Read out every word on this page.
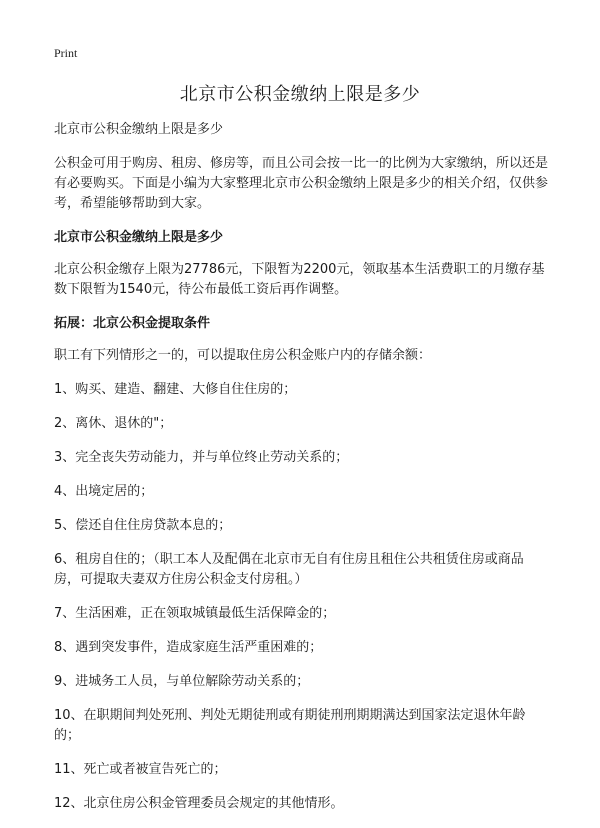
Print
北京市公积金缴纳上限是多少

北京市公积金缴纳上限是多少

公积金可用于购房、租房、修房等，而且公司会按一比一的比例为大家缴纳，所以还是有必要购买。下面是小编为大家整理北京市公积金缴纳上限是多少的相关介绍，仅供参考，希望能够帮助到大家。

北京市公积金缴纳上限是多少

北京公积金缴存上限为27786元，下限暂为2200元，领取基本生活费职工的月缴存基数下限暂为1540元，待公布最低工资后再作调整。

拓展：北京公积金提取条件

职工有下列情形之一的，可以提取住房公积金账户内的存储余额：

1、购买、建造、翻建、大修自住住房的；

2、离休、退休的"；

3、完全丧失劳动能力，并与单位终止劳动关系的；

4、出境定居的；

5、偿还自住住房贷款本息的；

6、租房自住的；（职工本人及配偶在北京市无自有住房且租住公共租赁住房或商品房，可提取夫妻双方住房公积金支付房租。）

7、生活困难，正在领取城镇最低生活保障金的；

8、遇到突发事件，造成家庭生活严重困难的；

9、进城务工人员，与单位解除劳动关系的；

10、在职期间判处死刑、判处无期徒刑或有期徒刑刑期期满达到国家法定退休年龄的；

11、死亡或者被宣告死亡的；

12、北京住房公积金管理委员会规定的其他情形。
